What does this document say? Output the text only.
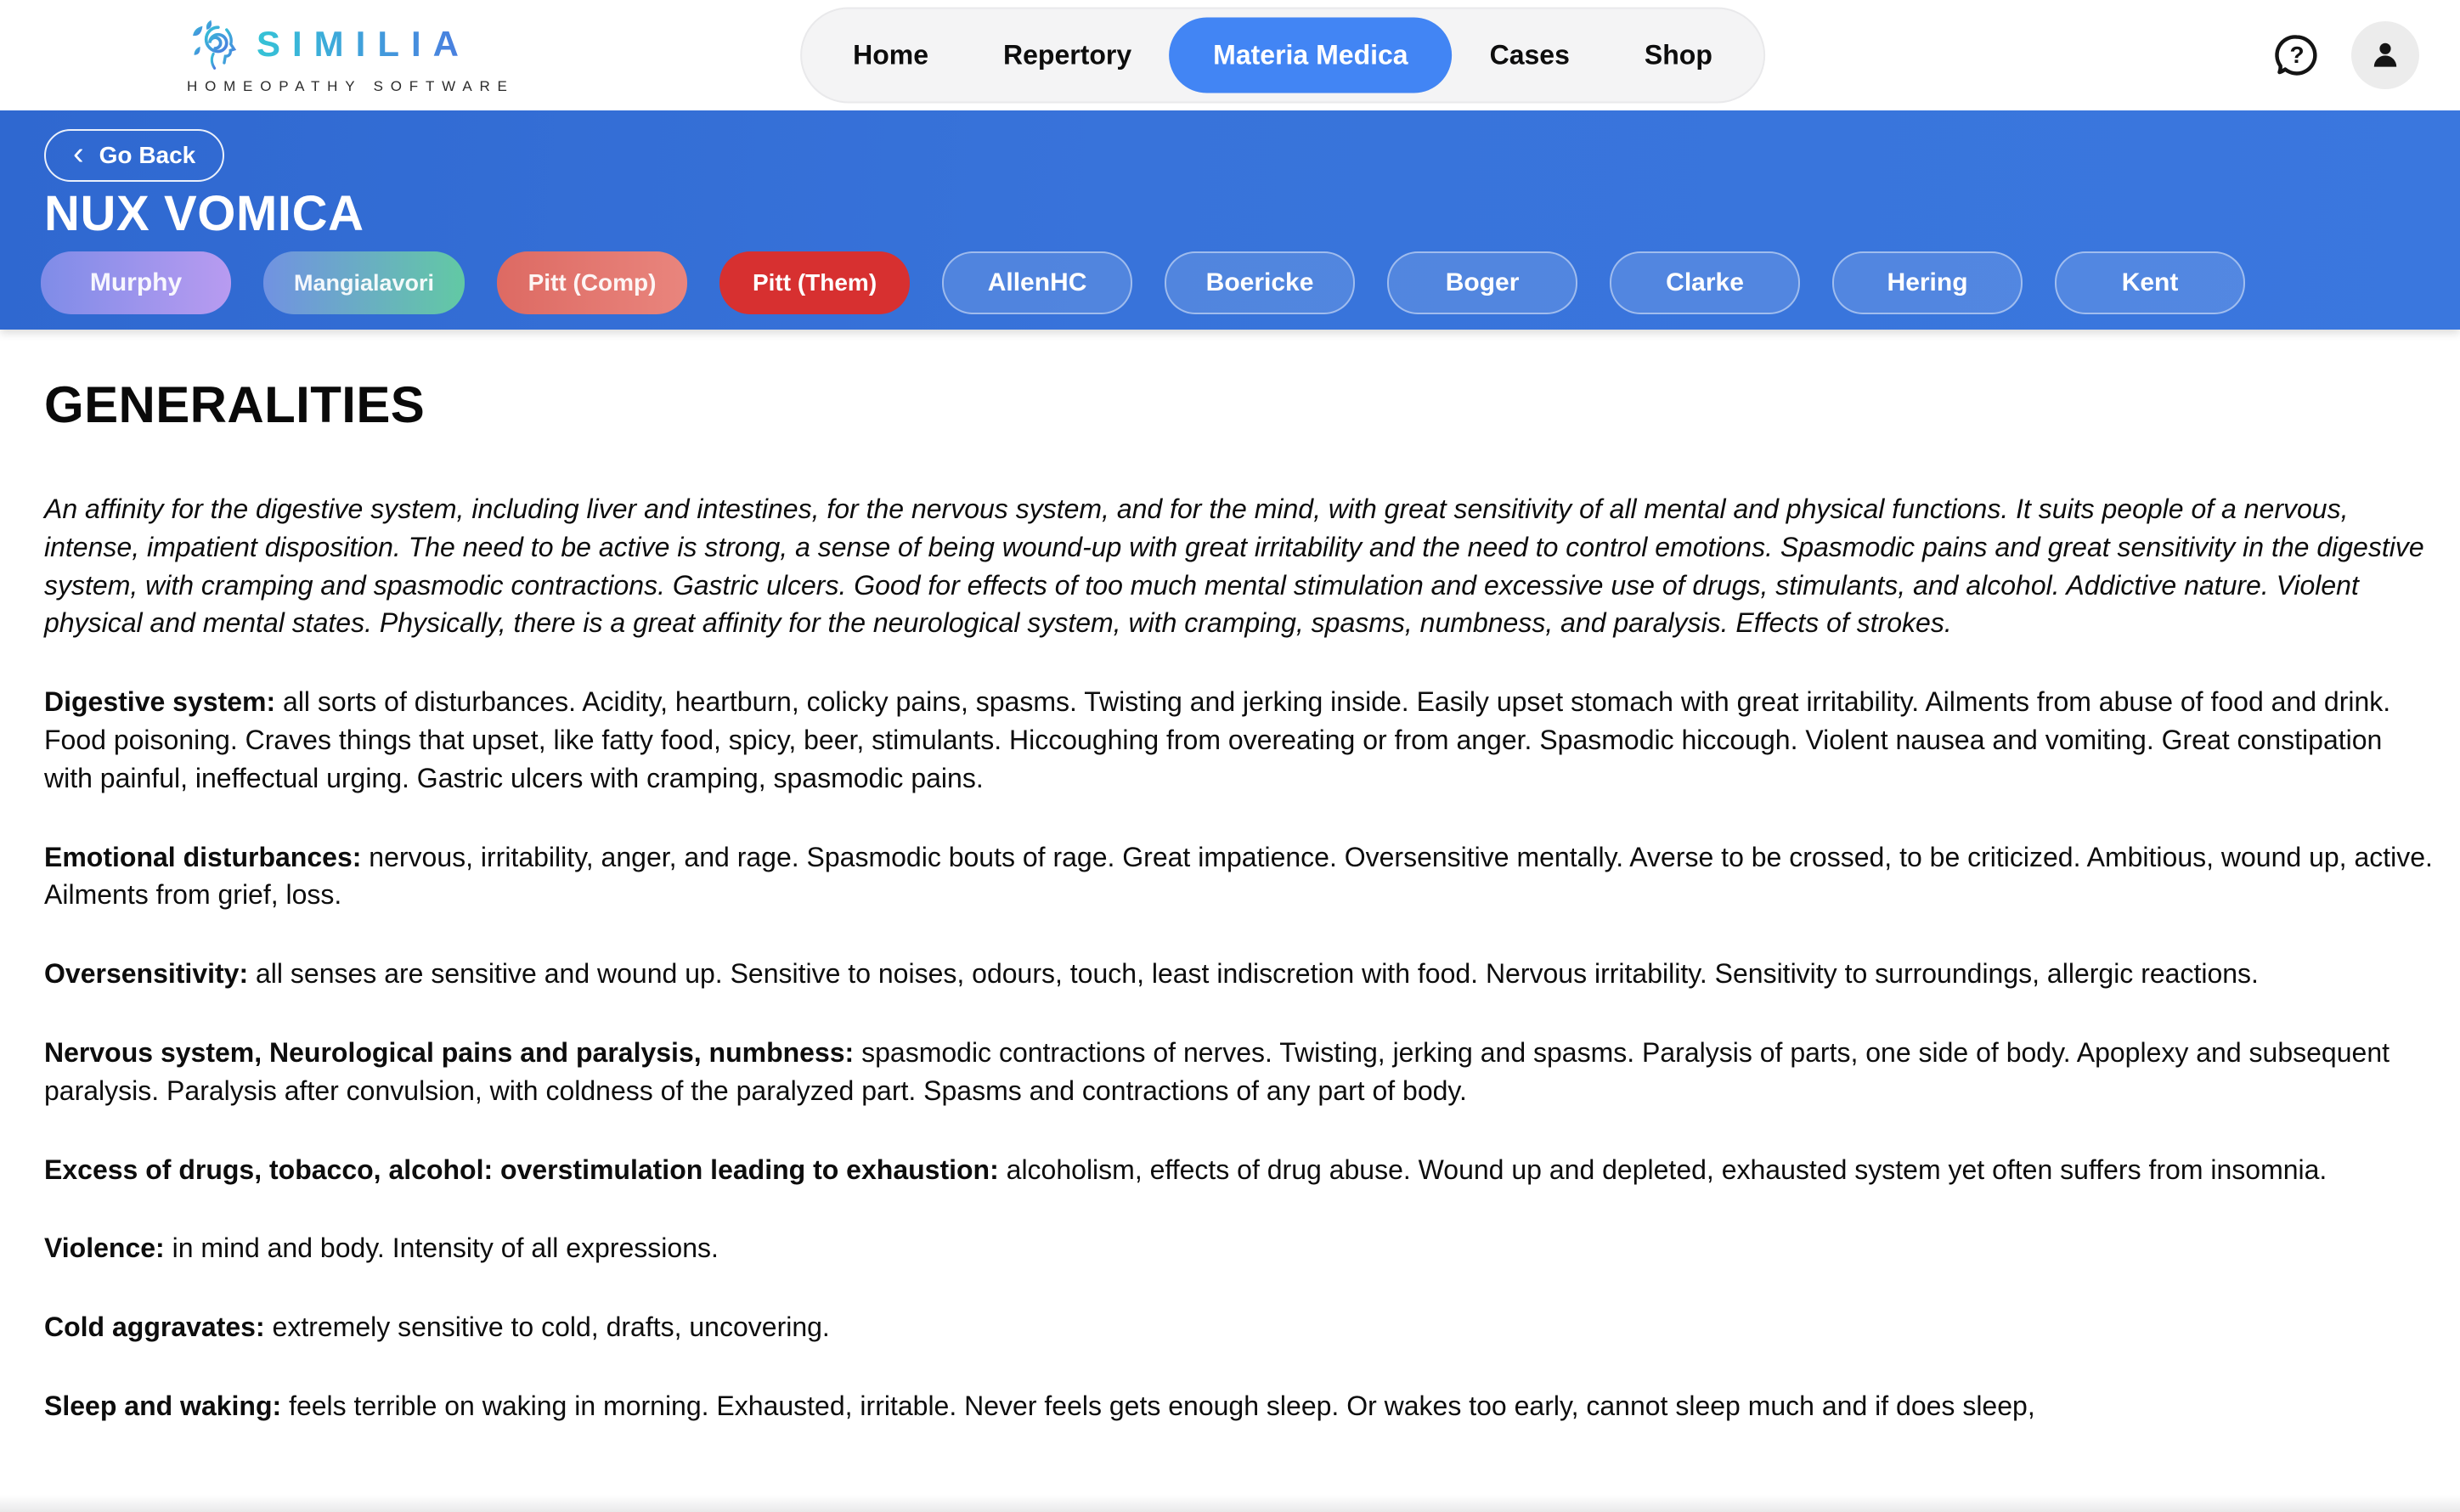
SIMILIA
HOMEOPATHY SOFTWARE
Home	Repertory	Materia Medica	Cases	Shop	?
‹ Go Back
NUX VOMICA
Murphy	Mangialavori	Pitt (Comp)	Pitt (Them)	AllenHC	Boericke	Boger	Clarke	Hering	Kent
GENERALITIES

An affinity for the digestive system, including liver and intestines, for the nervous system, and for the mind, with great sensitivity of all mental and physical functions. It suits people of a nervous, intense, impatient disposition. The need to be active is strong, a sense of being wound-up with great irritability and the need to control emotions. Spasmodic pains and great sensitivity in the digestive system, with cramping and spasmodic contractions. Gastric ulcers. Good for effects of too much mental stimulation and excessive use of drugs, stimulants, and alcohol. Addictive nature. Violent physical and mental states. Physically, there is a great affinity for the neurological system, with cramping, spasms, numbness, and paralysis. Effects of strokes.

Digestive system: all sorts of disturbances. Acidity, heartburn, colicky pains, spasms. Twisting and jerking inside. Easily upset stomach with great irritability. Ailments from abuse of food and drink. Food poisoning. Craves things that upset, like fatty food, spicy, beer, stimulants. Hiccoughing from overeating or from anger. Spasmodic hiccough. Violent nausea and vomiting. Great constipation with painful, ineffectual urging. Gastric ulcers with cramping, spasmodic pains.

Emotional disturbances: nervous, irritability, anger, and rage. Spasmodic bouts of rage. Great impatience. Oversensitive mentally. Averse to be crossed, to be criticized. Ambitious, wound up, active. Ailments from grief, loss.

Oversensitivity: all senses are sensitive and wound up. Sensitive to noises, odours, touch, least indiscretion with food. Nervous irritability. Sensitivity to surroundings, allergic reactions.

Nervous system, Neurological pains and paralysis, numbness: spasmodic contractions of nerves. Twisting, jerking and spasms. Paralysis of parts, one side of body. Apoplexy and subsequent paralysis. Paralysis after convulsion, with coldness of the paralyzed part. Spasms and contractions of any part of body.

Excess of drugs, tobacco, alcohol: overstimulation leading to exhaustion: alcoholism, effects of drug abuse. Wound up and depleted, exhausted system yet often suffers from insomnia.

Violence: in mind and body. Intensity of all expressions.

Cold aggravates: extremely sensitive to cold, drafts, uncovering.

Sleep and waking: feels terrible on waking in morning. Exhausted, irritable. Never feels gets enough sleep. Or wakes too early, cannot sleep much and if does sleep,
